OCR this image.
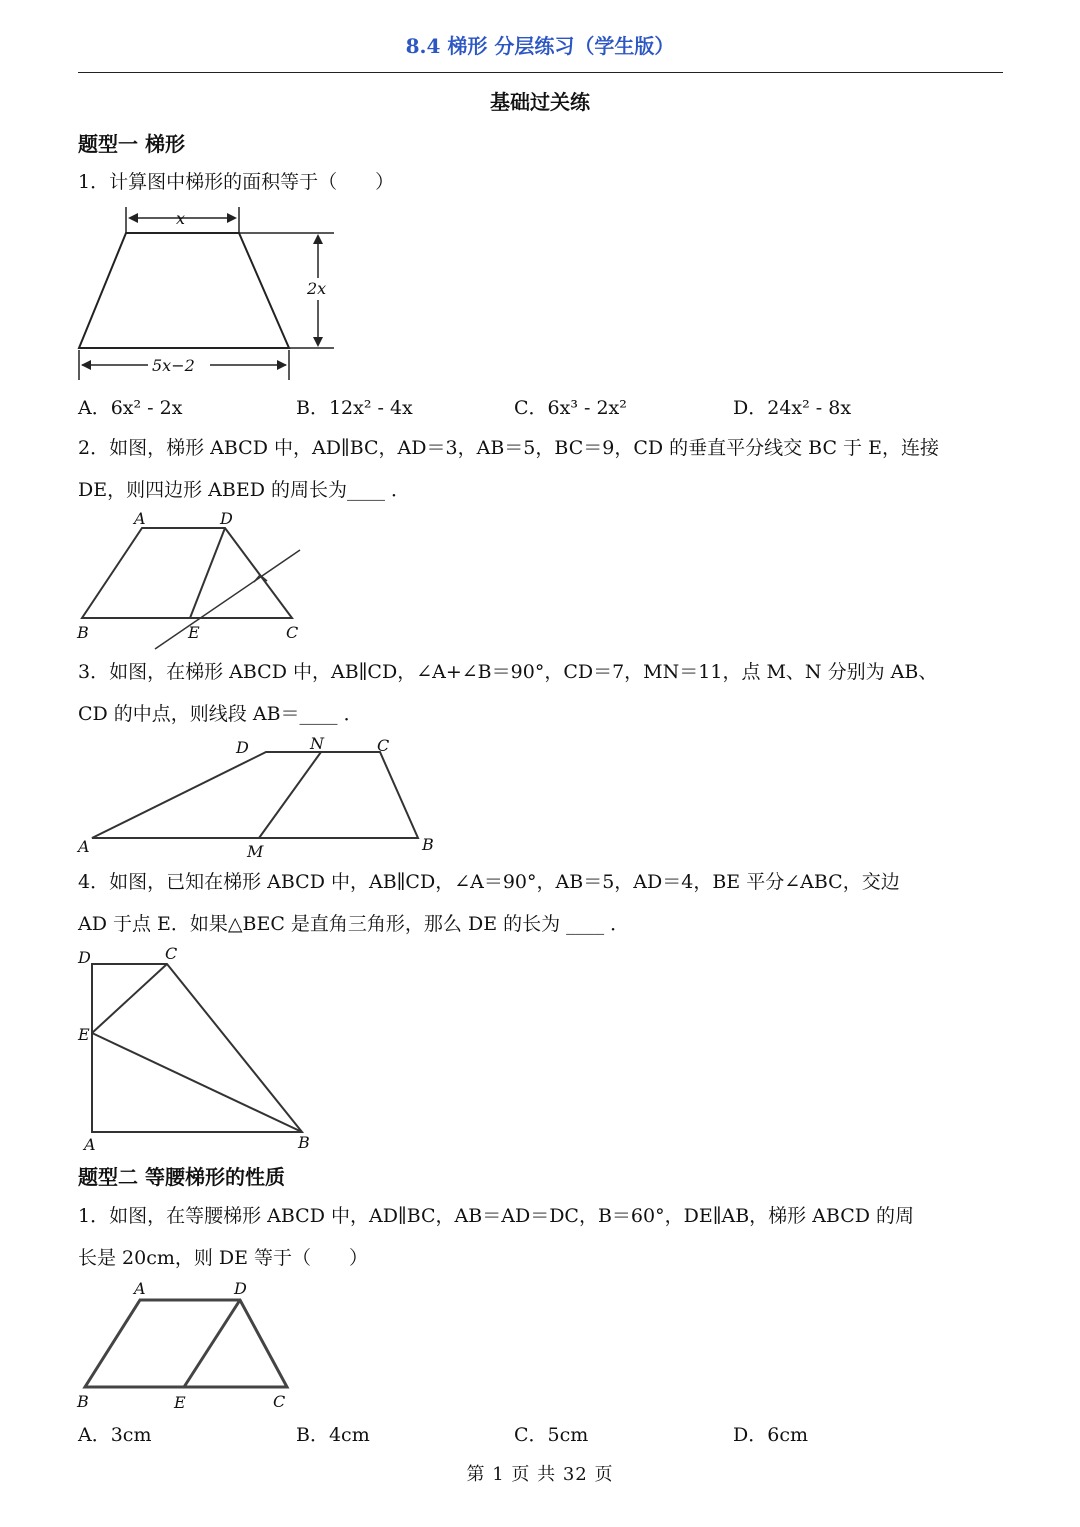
8.4 梯形 分层练习（学生版）
基础过关练
题型一 梯形
1．计算图中梯形的面积等于（　　）
x
2x
5x−2
A．6x² - 2x	B．12x² - 4x	C．6x³ - 2x²	D．24x² - 8x
2．如图，梯形 ABCD 中，AD∥BC，AD＝3，AB＝5，BC＝9，CD 的垂直平分线交 BC 于 E，连接
DE，则四边形 ABED 的周长为____ ．
A	D
B	E	C
3．如图，在梯形 ABCD 中，AB∥CD，∠A+∠B＝90°，CD＝7，MN＝11，点 M、N 分别为 AB、
CD 的中点，则线段 AB＝____ ．
D	N	C
A	M	B
4．如图，已知在梯形 ABCD 中，AB∥CD，∠A＝90°，AB＝5，AD＝4，BE 平分∠ABC，交边
AD 于点 E．如果△BEC 是直角三角形，那么 DE 的长为 ____ ．
D	C
E
A	B
题型二 等腰梯形的性质
1．如图，在等腰梯形 ABCD 中，AD∥BC，AB＝AD＝DC，B＝60°，DE∥AB，梯形 ABCD 的周
长是 20cm，则 DE 等于（　　）
A	D
B	E	C
A．3cm	B．4cm	C．5cm	D．6cm
第 1 页 共 32 页
